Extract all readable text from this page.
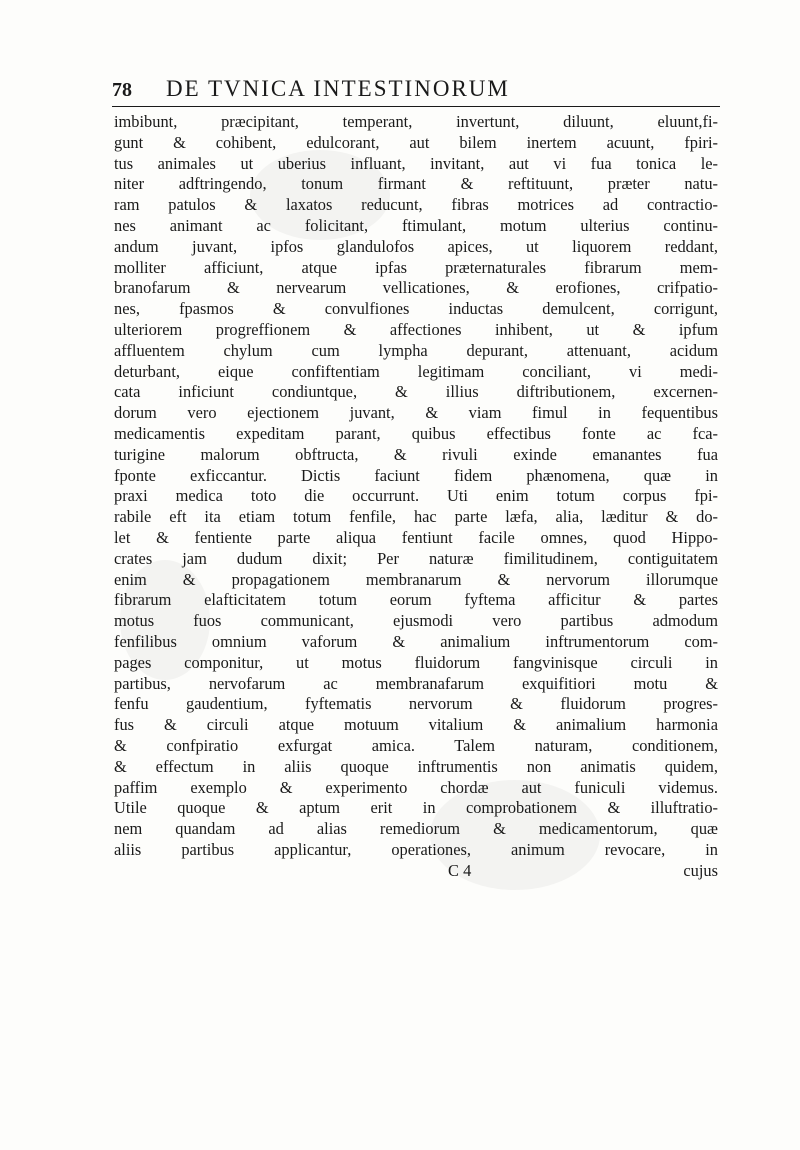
78	DE TVNICA INTESTINORUM
imbibunt, præcipitant, temperant, invertunt, diluunt, eluunt,fi-
gunt & cohibent, edulcorant, aut bilem inertem acuunt, fpiri-
tus animales ut uberius influant, invitant, aut vi fua tonica le-
niter adftringendo, tonum firmant & reftituunt, præter natu-
ram patulos & laxatos reducunt, fibras motrices ad contractio-
nes animant ac folicitant, ftimulant, motum ulterius continu-
andum juvant, ipfos glandulofos apices, ut liquorem reddant,
molliter afficiunt, atque ipfas præternaturales fibrarum mem-
branofarum & nervearum vellicationes, & erofiones, crifpatio-
nes, fpasmos & convulfiones inductas demulcent, corrigunt,
ulteriorem progreffionem & affectiones inhibent, ut & ipfum
affluentem chylum cum lympha depurant, attenuant, acidum
deturbant, eique confiftentiam legitimam conciliant, vi medi-
cata inficiunt condiuntque, & illius diftributionem, excernen-
dorum vero ejectionem juvant, & viam fimul in fequentibus
medicamentis expeditam parant, quibus effectibus fonte ac fca-
turigine malorum obftructa, & rivuli exinde emanantes fua
fponte exficcantur. Dictis faciunt fidem phænomena, quæ in
praxi medica toto die occurrunt. Uti enim totum corpus fpi-
rabile eft ita etiam totum fenfile, hac parte læfa, alia, læditur & do-
let & fentiente parte aliqua fentiunt facile omnes, quod Hippo-
crates jam dudum dixit; Per naturæ fimilitudinem, contiguitatem
enim & propagationem membranarum & nervorum illorumque
fibrarum elafticitatem totum eorum fyftema afficitur & partes
motus fuos communicant, ejusmodi vero partibus admodum
fenfilibus omnium vaforum & animalium inftrumentorum com-
pages componitur, ut motus fluidorum fangvinisque circuli in
partibus, nervofarum ac membranafarum exquifitiori motu &
fenfu gaudentium, fyftematis nervorum & fluidorum progres-
fus & circuli atque motuum vitalium & animalium harmonia
& confpiratio exfurgat amica. Talem naturam, conditionem,
& effectum in aliis quoque inftrumentis non animatis quidem,
paffim exemplo & experimento chordæ aut funiculi videmus.
Utile quoque & aptum erit in comprobationem & illuftratio-
nem quandam ad alias remediorum & medicamentorum, quæ
aliis partibus applicantur, operationes, animum revocare, in
C 4	cujus
